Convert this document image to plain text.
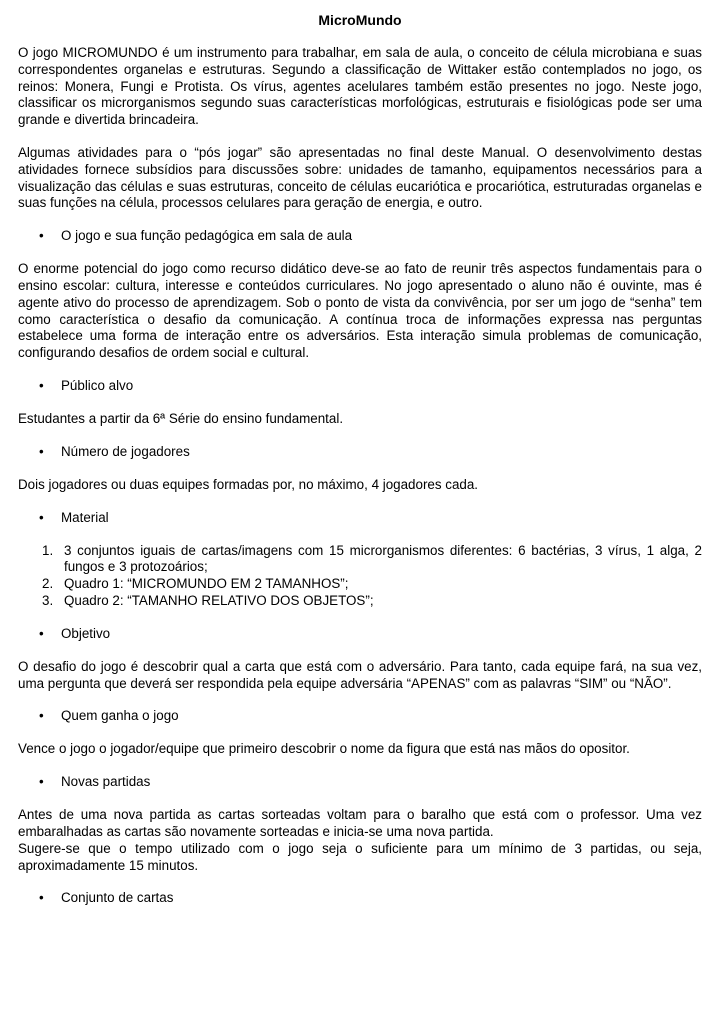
MicroMundo

O jogo MICROMUNDO é um instrumento para trabalhar, em sala de aula, o conceito de célula microbiana e suas correspondentes organelas e estruturas. Segundo a classificação de Wittaker estão contemplados no jogo, os reinos: Monera, Fungi e Protista. Os vírus, agentes acelulares também estão presentes no jogo. Neste jogo, classificar os microrganismos segundo suas características morfológicas, estruturais e fisiológicas pode ser uma grande e divertida brincadeira.

Algumas atividades para o “pós jogar” são apresentadas no final deste Manual. O desenvolvimento destas atividades fornece subsídios para discussões sobre: unidades de tamanho, equipamentos necessários para a visualização das células e suas estruturas, conceito de células eucariótica e procariótica, estruturadas organelas e suas funções na célula, processos celulares para geração de energia, e outro.

• O jogo e sua função pedagógica em sala de aula

O enorme potencial do jogo como recurso didático deve-se ao fato de reunir três aspectos fundamentais para o ensino escolar: cultura, interesse e conteúdos curriculares. No jogo apresentado o aluno não é ouvinte, mas é agente ativo do processo de aprendizagem. Sob o ponto de vista da convivência, por ser um jogo de “senha” tem como característica o desafio da comunicação. A contínua troca de informações expressa nas perguntas estabelece uma forma de interação entre os adversários. Esta interação simula problemas de comunicação, configurando desafios de ordem social e cultural.

• Público alvo

Estudantes a partir da 6ª Série do ensino fundamental.

• Número de jogadores

Dois jogadores ou duas equipes formadas por, no máximo, 4 jogadores cada.

• Material
1. 3 conjuntos iguais de cartas/imagens com 15 microrganismos diferentes: 6 bactérias, 3 vírus, 1 alga, 2 fungos e 3 protozoários;
2. Quadro 1: “MICROMUNDO EM 2 TAMANHOS”;
3. Quadro 2: “TAMANHO RELATIVO DOS OBJETOS”;
• Objetivo

O desafio do jogo é descobrir qual a carta que está com o adversário. Para tanto, cada equipe fará, na sua vez, uma pergunta que deverá ser respondida pela equipe adversária “APENAS” com as palavras “SIM” ou “NÃO”.

• Quem ganha o jogo

Vence o jogo o jogador/equipe que primeiro descobrir o nome da figura que está nas mãos do opositor.

• Novas partidas

Antes de uma nova partida as cartas sorteadas voltam para o baralho que está com o professor. Uma vez embaralhadas as cartas são novamente sorteadas e inicia-se uma nova partida.

Sugere-se que o tempo utilizado com o jogo seja o suficiente para um mínimo de 3 partidas, ou seja, aproximadamente 15 minutos.

• Conjunto de cartas
